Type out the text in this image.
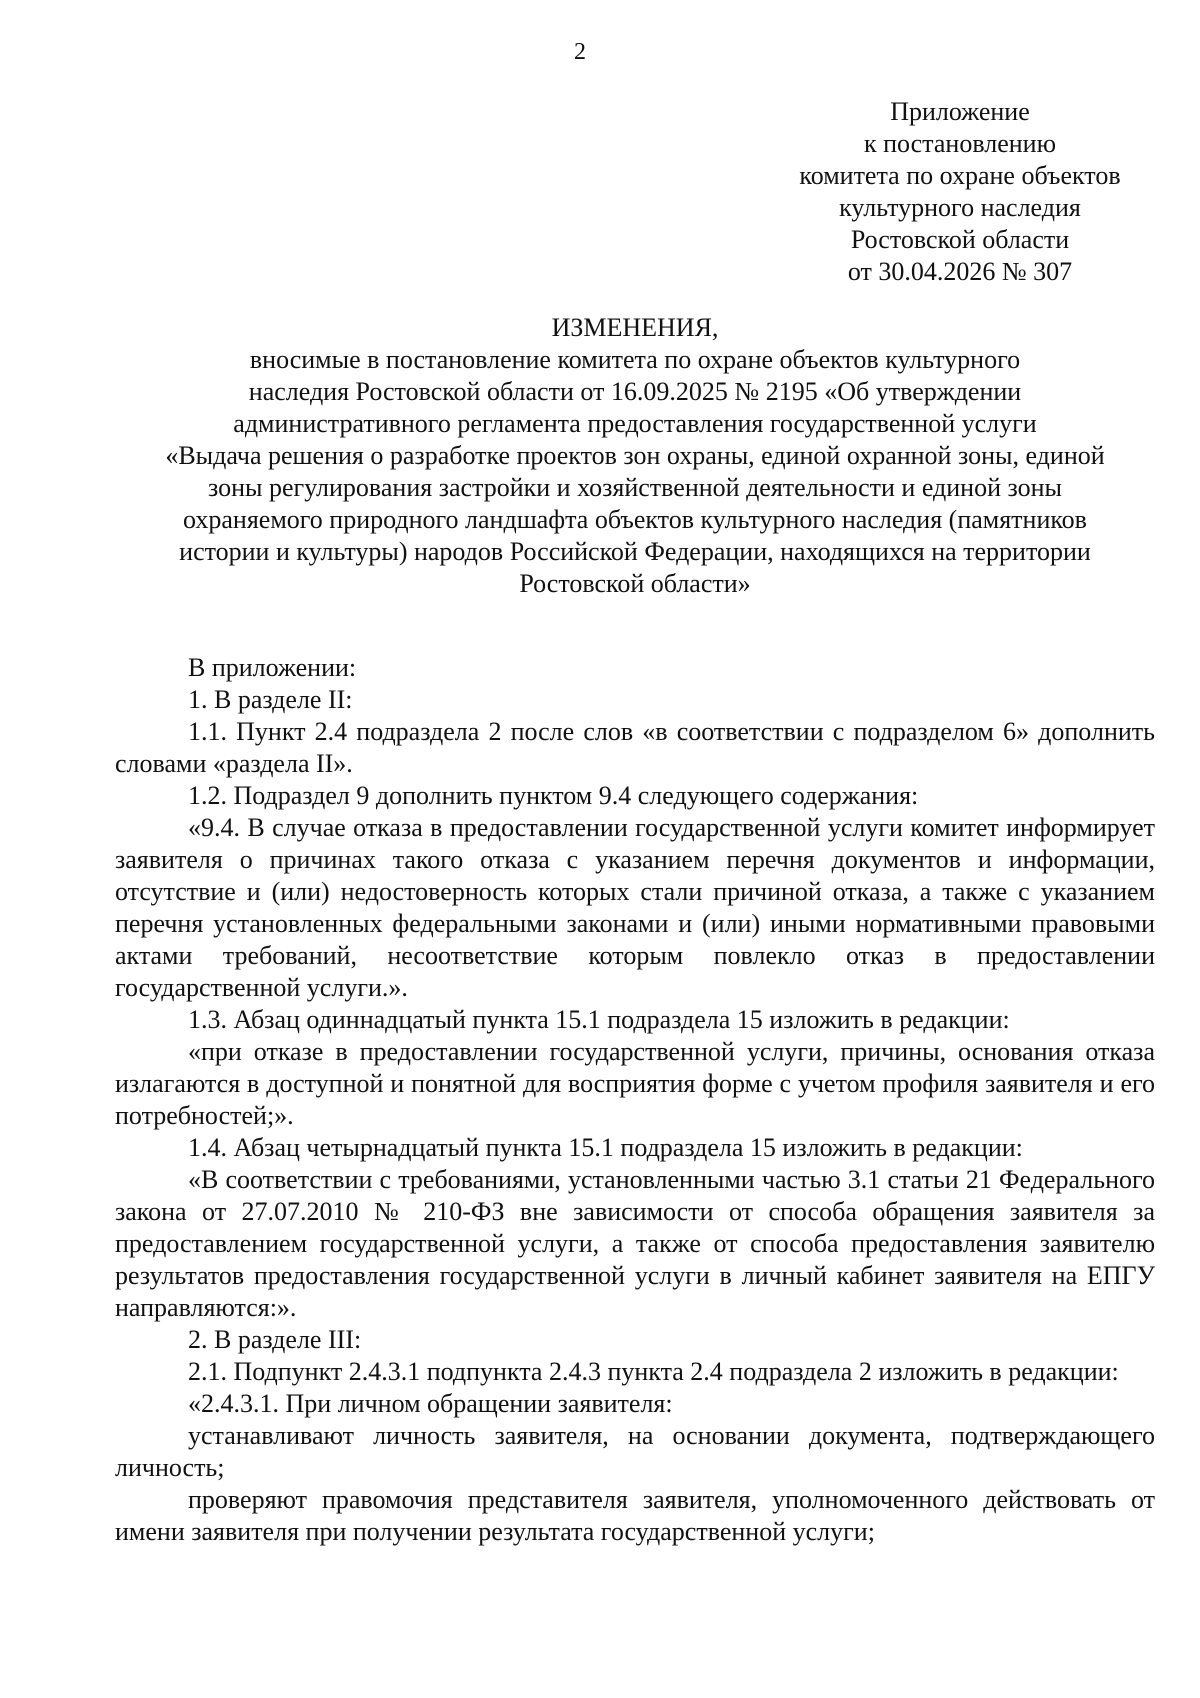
2
Приложение
к постановлению
комитета по охране объектов
культурного наследия
Ростовской области
от 30.04.2026 № 307
ИЗМЕНЕНИЯ,
вносимые в постановление комитета по охране объектов культурного
наследия Ростовской области от 16.09.2025 № 2195 «Об утверждении
административного регламента предоставления государственной услуги
«Выдача решения о разработке проектов зон охраны, единой охранной зоны, единой
зоны регулирования застройки и хозяйственной деятельности и единой зоны
охраняемого природного ландшафта объектов культурного наследия (памятников
истории и культуры) народов Российской Федерации, находящихся на территории
Ростовской области»

В приложении:

1. В разделе II:

1.1. Пункт 2.4 подраздела 2 после слов «в соответствии с подразделом 6» дополнить словами «раздела II».

1.2. Подраздел 9 дополнить пунктом 9.4 следующего содержания:

«9.4. В случае отказа в предоставлении государственной услуги комитет информирует заявителя о причинах такого отказа с указанием перечня документов и информации, отсутствие и (или) недостоверность которых стали причиной отказа, а также с указанием перечня установленных федеральными законами и (или) иными нормативными правовыми актами требований, несоответствие которым повлекло отказ в предоставлении государственной услуги.».

1.3. Абзац одиннадцатый пункта 15.1 подраздела 15 изложить в редакции:

«при отказе в предоставлении государственной услуги, причины, основания отказа излагаются в доступной и понятной для восприятия форме с учетом профиля заявителя и его потребностей;».

1.4. Абзац четырнадцатый пункта 15.1 подраздела 15 изложить в редакции:

«В соответствии с требованиями, установленными частью 3.1 статьи 21 Федерального закона от 27.07.2010 № 210-ФЗ вне зависимости от способа обращения заявителя за предоставлением государственной услуги, а также от способа предоставления заявителю результатов предоставления государственной услуги в личный кабинет заявителя на ЕПГУ направляются:».

2. В разделе III:

2.1. Подпункт 2.4.3.1 подпункта 2.4.3 пункта 2.4 подраздела 2 изложить в редакции:

«2.4.3.1. При личном обращении заявителя:

устанавливают личность заявителя, на основании документа, подтверждающего личность;

проверяют правомочия представителя заявителя, уполномоченного действовать от имени заявителя при получении результата государственной услуги;
